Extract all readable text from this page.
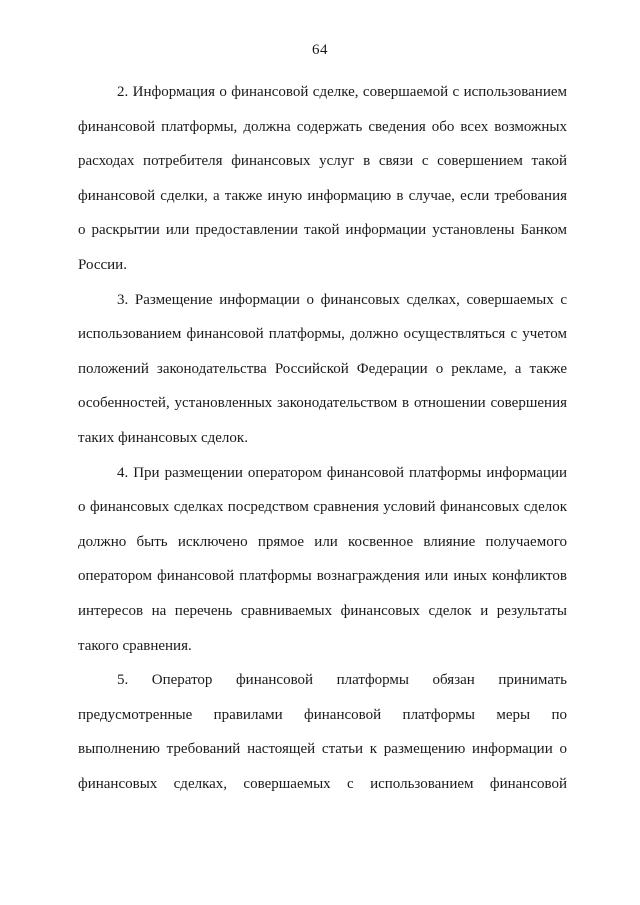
64
2. Информация о финансовой сделке, совершаемой с использованием
финансовой платформы, должна содержать сведения обо всех возможных
расходах потребителя финансовых услуг в связи с совершением такой
финансовой сделки, а также иную информацию в случае, если требования
о раскрытии или предоставлении такой информации установлены Банком
России.
3. Размещение информации о финансовых сделках, совершаемых с
использованием финансовой платформы, должно осуществляться с учетом
положений законодательства Российской Федерации о рекламе, а также
особенностей, установленных законодательством в отношении совершения
таких финансовых сделок.
4. При размещении оператором финансовой платформы информации
о финансовых сделках посредством сравнения условий финансовых сделок
должно быть исключено прямое или косвенное влияние получаемого
оператором финансовой платформы вознаграждения или иных конфликтов
интересов на перечень сравниваемых финансовых сделок и результаты
такого сравнения.
5. Оператор финансовой платформы обязан принимать
предусмотренные правилами финансовой платформы меры по
выполнению требований настоящей статьи к размещению информации о
финансовых сделках, совершаемых с использованием финансовой
